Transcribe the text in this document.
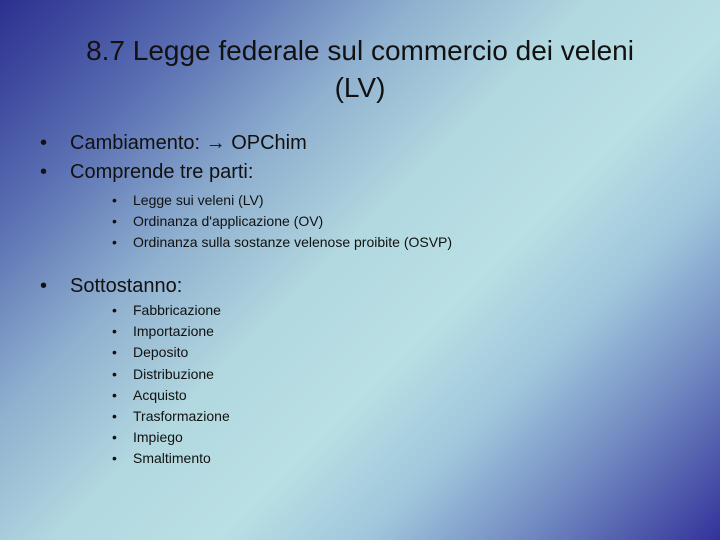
8.7 Legge federale sul commercio dei veleni
(LV)
• Cambiamento: → OPChim
• Comprende tre parti:
• Legge sui veleni (LV)
• Ordinanza d'applicazione (OV)
• Ordinanza sulla sostanze velenose proibite (OSVP)
• Sottostanno:
• Fabbricazione
• Importazione
• Deposito
• Distribuzione
• Acquisto
• Trasformazione
• Impiego
• Smaltimento
